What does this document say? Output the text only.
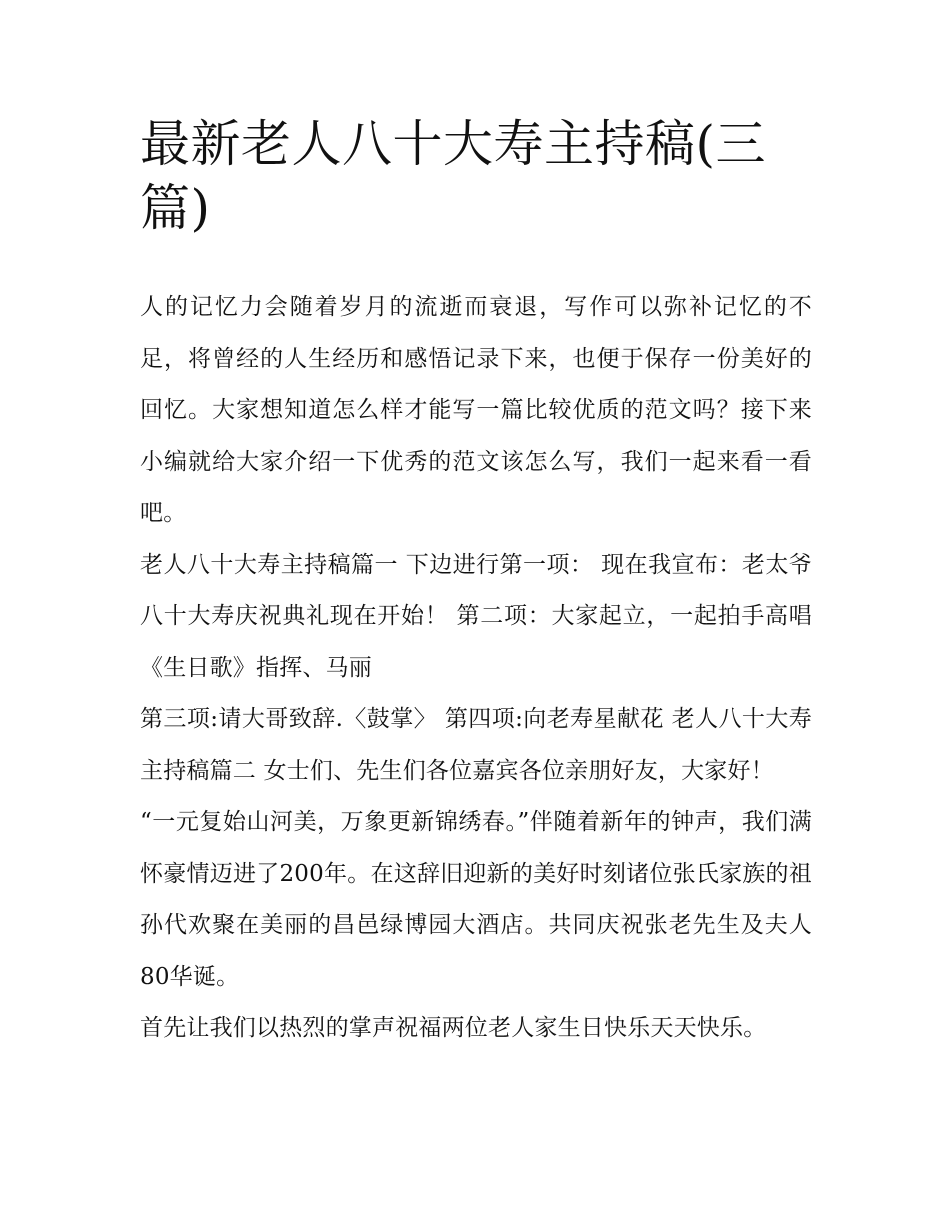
最新老人八十大寿主持稿(三篇)

人的记忆力会随着岁月的流逝而衰退，写作可以弥补记忆的不足，将曾经的人生经历和感悟记录下来，也便于保存一份美好的回忆。大家想知道怎么样才能写一篇比较优质的范文吗？接下来小编就给大家介绍一下优秀的范文该怎么写，我们一起来看一看吧。

老人八十大寿主持稿篇一 下边进行第一项： 现在我宣布：老太爷八十大寿庆祝典礼现在开始！ 第二项：大家起立，一起拍手高唱《生日歌》指挥、马丽

第三项:请大哥致辞.〈鼓掌〉 第四项:向老寿星献花 老人八十大寿主持稿篇二 女士们、先生们各位嘉宾各位亲朋好友，大家好！

“一元复始山河美，万象更新锦绣春。”伴随着新年的钟声，我们满怀豪情迈进了200年。在这辞旧迎新的美好时刻诸位张氏家族的祖孙代欢聚在美丽的昌邑绿博园大酒店。共同庆祝张老先生及夫人80华诞。

首先让我们以热烈的掌声祝福两位老人家生日快乐天天快乐。
